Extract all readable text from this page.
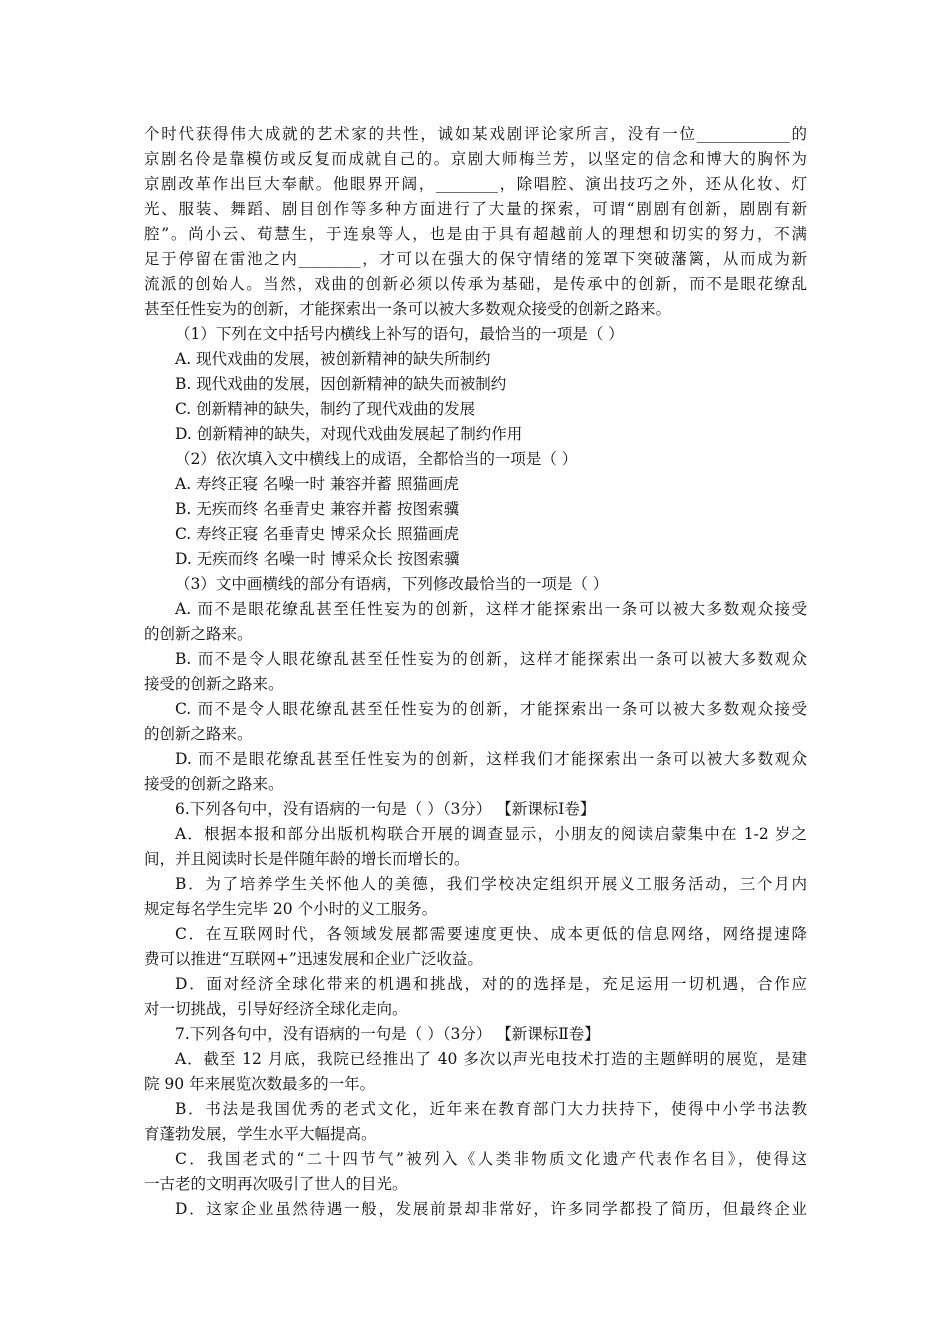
个时代获得伟大成就的艺术家的共性，诚如某戏剧评论家所言，没有一位____________的
京剧名伶是靠模仿或反复而成就自己的。京剧大师梅兰芳，以坚定的信念和博大的胸怀为
京剧改革作出巨大奉献。他眼界开阔，________，除唱腔、演出技巧之外，还从化妆、灯
光、服装、舞蹈、剧目创作等多种方面进行了大量的探索，可谓“剧剧有创新，剧剧有新
腔”。尚小云、荀慧生，于连泉等人，也是由于具有超越前人的理想和切实的努力，不满
足于停留在雷池之内________，才可以在强大的保守情绪的笼罩下突破藩篱，从而成为新
流派的创始人。当然，戏曲的创新必须以传承为基础，是传承中的创新，而不是眼花缭乱
甚至任性妄为的创新，才能探索出一条可以被大多数观众接受的创新之路来。
（1）下列在文中括号内横线上补写的语句，最恰当的一项是（ ）
A. 现代戏曲的发展，被创新精神的缺失所制约
B. 现代戏曲的发展，因创新精神的缺失而被制约
C. 创新精神的缺失，制约了现代戏曲的发展
D. 创新精神的缺失，对现代戏曲发展起了制约作用
（2）依次填入文中横线上的成语，全都恰当的一项是（ ）
A. 寿终正寝 名噪一时 兼容并蓄 照猫画虎
B. 无疾而终 名垂青史 兼容并蓄 按图索骥
C. 寿终正寝 名垂青史 博采众长 照猫画虎
D. 无疾而终 名噪一时 博采众长 按图索骥
（3）文中画横线的部分有语病，下列修改最恰当的一项是（ ）
A. 而不是眼花缭乱甚至任性妄为的创新，这样才能探索出一条可以被大多数观众接受
的创新之路来。
B. 而不是令人眼花缭乱甚至任性妄为的创新，这样才能探索出一条可以被大多数观众
接受的创新之路来。
C. 而不是令人眼花缭乱甚至任性妄为的创新，才能探索出一条可以被大多数观众接受
的创新之路来。
D. 而不是眼花缭乱甚至任性妄为的创新，这样我们才能探索出一条可以被大多数观众
接受的创新之路来。
6.下列各句中，没有语病的一句是（ ）（3分） 【新课标Ⅰ卷】
A．根据本报和部分出版机构联合开展的调查显示，小朋友的阅读启蒙集中在 1-2 岁之
间，并且阅读时长是伴随年龄的增长而增长的。
B．为了培养学生关怀他人的美德，我们学校决定组织开展义工服务活动，三个月内
规定每名学生完毕 20 个小时的义工服务。
C．在互联网时代，各领域发展都需要速度更快、成本更低的信息网络，网络提速降
费可以推进“互联网+”迅速发展和企业广泛收益。
D．面对经济全球化带来的机遇和挑战，对的的选择是，充足运用一切机遇，合作应
对一切挑战，引导好经济全球化走向。
7.下列各句中，没有语病的一句是（ ）（3分） 【新课标Ⅱ卷】
A．截至 12 月底，我院已经推出了 40 多次以声光电技术打造的主题鲜明的展览，是建
院 90 年来展览次数最多的一年。
B．书法是我国优秀的老式文化，近年来在教育部门大力扶持下，使得中小学书法教
育蓬勃发展，学生水平大幅提高。
C．我国老式的“二十四节气”被列入《人类非物质文化遗产代表作名目》，使得这
一古老的文明再次吸引了世人的目光。
D．这家企业虽然待遇一般，发展前景却非常好，许多同学都投了简历，但最终企业
